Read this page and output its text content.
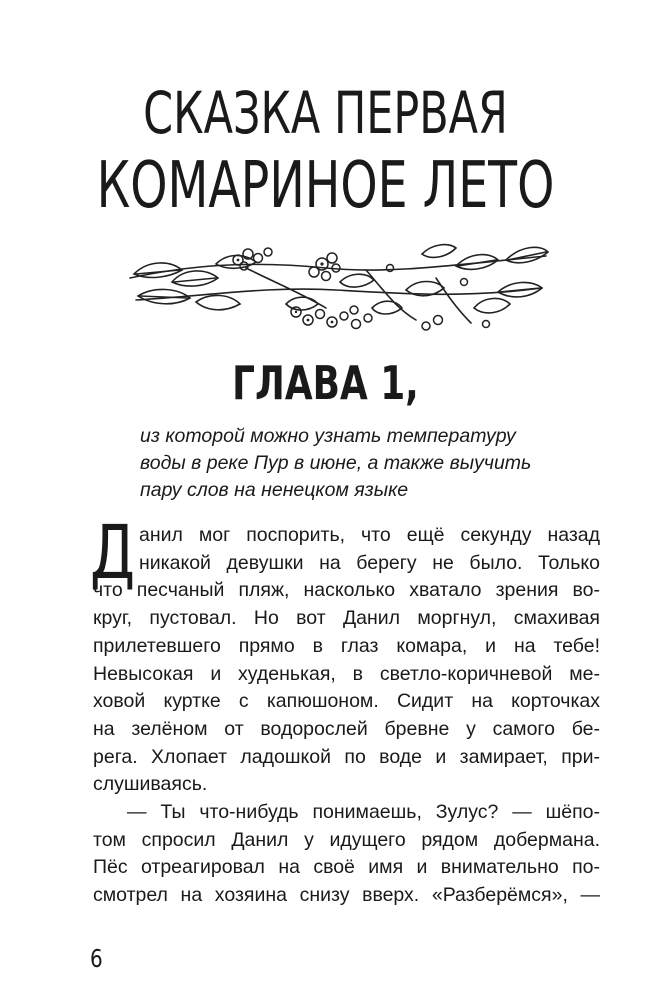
СКАЗКА ПЕРВАЯ
КОМАРИНОЕ ЛЕТО
ГЛАВА 1,

из которой можно узнать температуру
воды в реке Пур в июне, а также выучить
пару слов на ненецком языке

Д анил мог поспорить, что ещё секунду назад
никакой девушки на берегу не было. Только
что песчаный пляж, насколько хватало зрения во-
круг, пустовал. Но вот Данил моргнул, смахивая
прилетевшего прямо в глаз комара, и на тебе!
Невысокая и худенькая, в светло-коричневой ме-
ховой куртке с капюшоном. Сидит на корточках
на зелёном от водорослей бревне у самого бе-
рега. Хлопает ладошкой по воде и замирает, при-
слушиваясь.
— Ты что-нибудь понимаешь, Зулус? — шёпо-
том спросил Данил у идущего рядом добермана.
Пёс отреагировал на своё имя и внимательно по-
смотрел на хозяина снизу вверх. «Разберёмся», —
6
